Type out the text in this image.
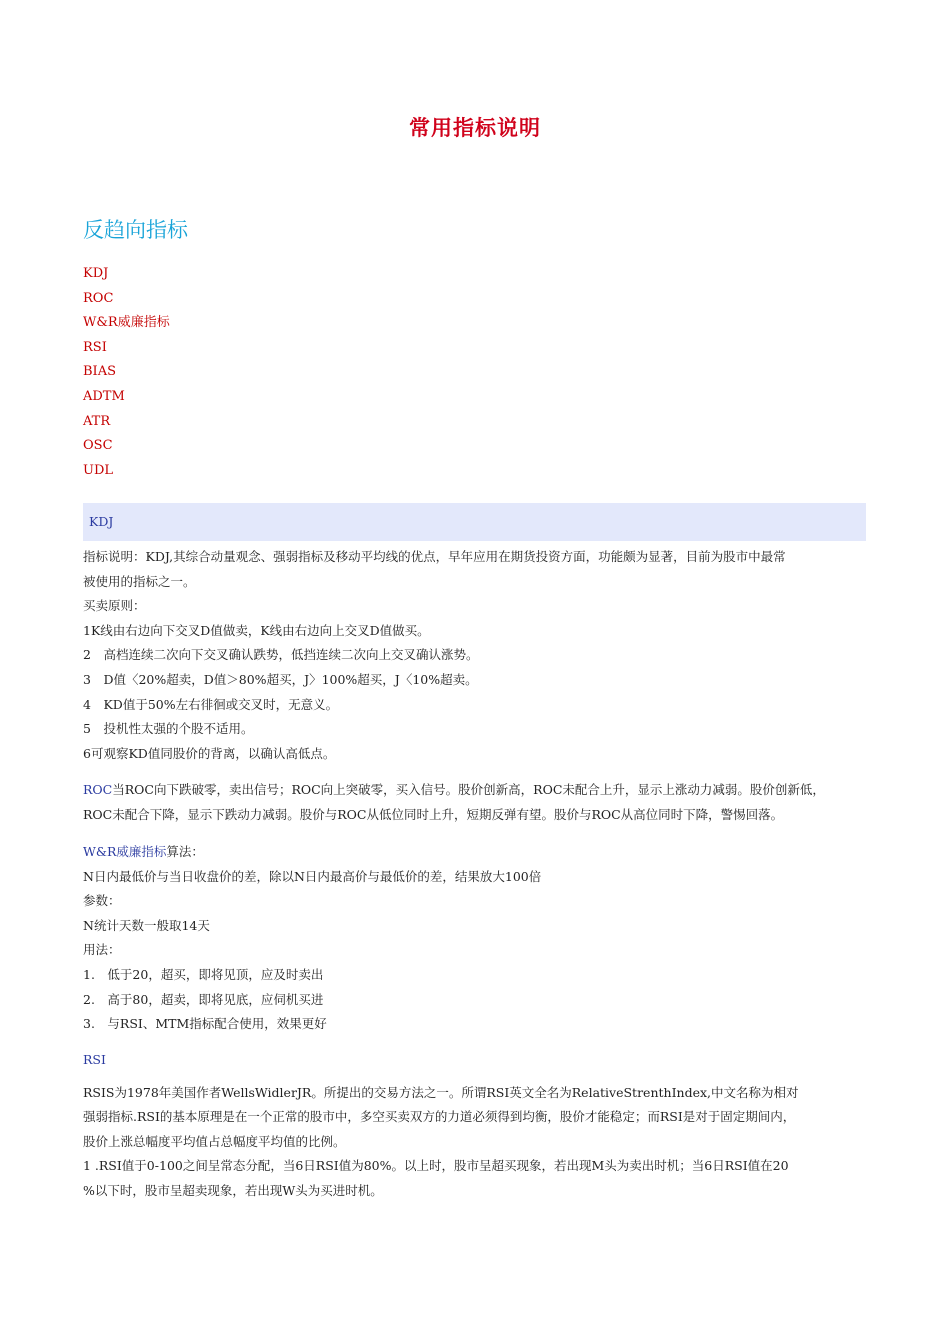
常用指标说明
反趋向指标
KDJ
ROC
W&R威廉指标
RSI
BIAS
ADTM
ATR
OSC
UDL
KDJ

指标说明：KDJ,其综合动量观念、强弱指标及移动平均线的优点，早年应用在期货投资方面，功能颇为显著，目前为股市中最常

被使用的指标之一。

买卖原则：

1K线由右边向下交叉D值做卖，K线由右边向上交叉D值做买。

2　高档连续二次向下交叉确认跌势，低挡连续二次向上交叉确认涨势。

3　D值〈20%超卖，D值＞80%超买，J〉100%超买，J〈10%超卖。

4　KD值于50%左右徘徊或交叉时，无意义。

5　投机性太强的个股不适用。

6可观察KD值同股价的背离，以确认高低点。

ROC当ROC向下跌破零，卖出信号；ROC向上突破零，买入信号。股价创新高，ROC未配合上升，显示上涨动力减弱。股价创新低，

ROC未配合下降，显示下跌动力减弱。股价与ROC从低位同时上升，短期反弹有望。股价与ROC从高位同时下降，警惕回落。

W&R威廉指标算法：

N日内最低价与当日收盘价的差，除以N日内最高价与最低价的差，结果放大100倍

参数：

N统计天数一般取14天

用法：

1.　低于20，超买，即将见顶，应及时卖出

2.　高于80，超卖，即将见底，应伺机买进

3.　与RSI、MTM指标配合使用，效果更好

RSI

RSIS为1978年美国作者WellsWidlerJR。所提出的交易方法之一。所谓RSI英文全名为RelativeStrenthIndex,中文名称为相对

强弱指标.RSI的基本原理是在一个正常的股市中，多空买卖双方的力道必须得到均衡，股价才能稳定；而RSI是对于固定期间内，

股价上涨总幅度平均值占总幅度平均值的比例。

1 .RSI值于0-100之间呈常态分配，当6日RSI值为80%。以上时，股市呈超买现象，若出现M头为卖出时机；当6日RSI值在20

%以下时，股市呈超卖现象，若出现W头为买进时机。
